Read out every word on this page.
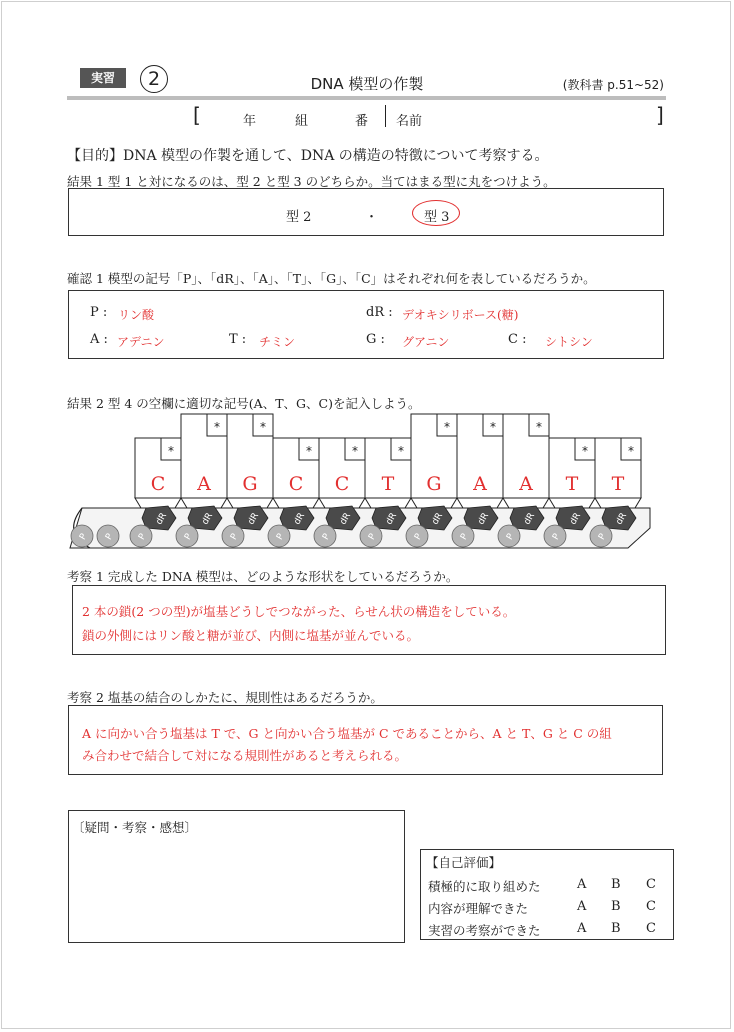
実習	2	DNA 模型の作製	(教科書 p.51~52)
[	年	組	番 名前	]
【目的】DNA 模型の作製を通して、DNA の構造の特徴について考察する。
結果 1 型 1 と対になるのは、型 2 と型 3 のどちらか。当てはまる型に丸をつけよう。
型 2	・	型 3
確認 1 模型の記号「P」、「dR」、「A」、「T」、「G」、「C」はそれぞれ何を表しているだろうか。
P : リン酸	dR : デオキシリボース(糖)
A : アデニン	T : チミン	G : グアニン	C : シトシン
結果 2 型 4 の空欄に適切な記号(A、T、G、C)を記入しよう。
*
C
dR
P
*
A
dR
P
*
G
dR
P
*
C
dR
P
*
C
dR
P
*
T
dR
P
*
G
dR
P
*
A
dR
P
*
A
dR
P
*
T
dR
P
*
T
dR
P
P P
考察 1 完成した DNA 模型は、どのような形状をしているだろうか。
2 本の鎖(2 つの型)が塩基どうしでつながった、らせん状の構造をしている。
鎖の外側にはリン酸と糖が並び、内側に塩基が並んでいる。
考察 2 塩基の結合のしかたに、規則性はあるだろうか。
A に向かい合う塩基は T で、G と向かい合う塩基が C であることから、A と T、G と C の組
み合わせで結合して対になる規則性があると考えられる。
〔疑問・考察・感想〕
【自己評価】
積極的に取り組めた	A B C
内容が理解できた	A B C
実習の考察ができた	A B C
